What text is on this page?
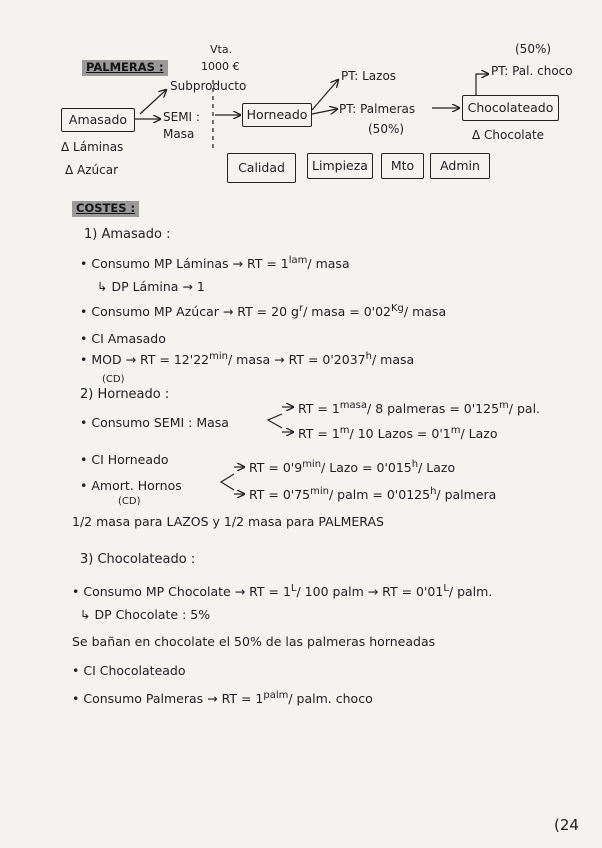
PALMERAS :
Vta.
1000 €
Subproducto
Amasado	SEMI :
Masa
Horneado
PT: Lazos
PT: Palmeras
(50%)
Chocolateado
(50%)
PT: Pal. choco
Δ Láminas
Δ Azúcar
Δ Chocolate
Calidad	Limpieza	Mto	Admin
COSTES :
1) Amasado :
• Consumo MP Láminas → RT = $1^{lam}/$ masa
↳ DP Lámina → 1
• Consumo MP Azúcar → RT = 20 $g^r/$ masa = $0'02^{Kg}/$ masa
• CI Amasado
• MOD → RT = $12'22^{min}/$ masa → RT = $0'2037^h/$ masa
(CD)
2) Horneado :
• Consumo SEMI : Masa
RT = $1^{masa}/$ 8 palmeras = $0'125^m/$ pal.
RT = $1^m/$ 10 Lazos = $0'1^m/$ Lazo
• CI Horneado
• Amort. Hornos
(CD)
RT = $0'9^{min}/$ Lazo = $0'015^h/$ Lazo
RT = $0'75^{min}/$ palm = $0'0125^h/$ palmera
1/2 masa para LAZOS y 1/2 masa para PALMERAS
3) Chocolateado :
• Consumo MP Chocolate → RT = $1^L/$ 100 palm → RT = $0'01^L/$ palm.
↳ DP Chocolate : 5%
Se bañan en chocolate el 50% de las palmeras horneadas
• CI Chocolateado
• Consumo Palmeras → RT = $1^{palm}/$ palm. choco
(24
